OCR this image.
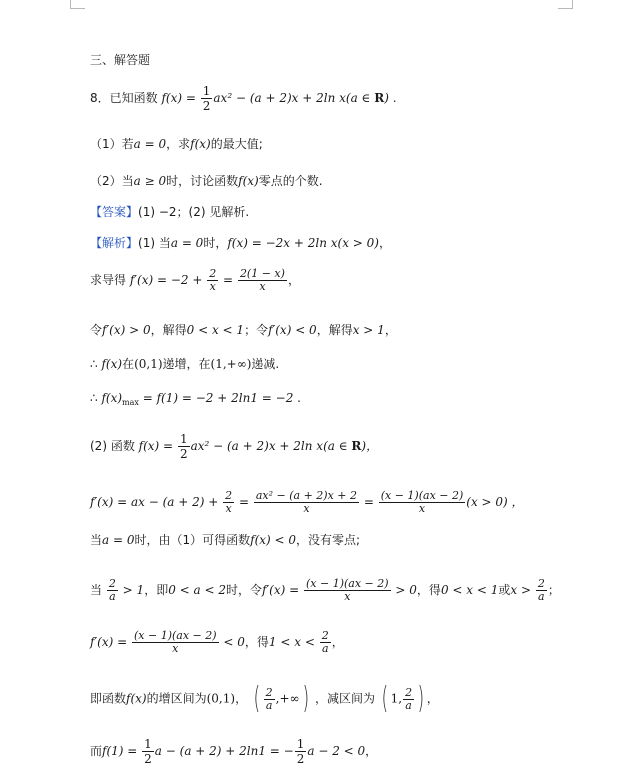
三、解答题
8．已知函数 $f(x) = \frac{1}{2} ax^2 - (a + 2)x + 2\ln$ x(a ∈ R) .
（1）若a = 0，求f(x)的最大值;
（2）当a ≥ 0时，讨论函数f(x)零点的个数.
【答案】(1) −2；(2) 见解析.
【解析】(1) 当a = 0时，f(x) = −2x + 2ln x(x > 0)，
求导得 $f'(x) = -2 + \frac{2}{x} = \frac{2(1 - x)}{x}$ ，
令f′(x) > 0，解得0 < x < 1；令f′(x) < 0，解得x > 1，
∴ f(x)在(0,1)递增，在(1,+∞)递减.
∴ $f(x)_{max} = f(1) = -2 + 2\ln 1 = -2$ .
(2) 函数 $f(x) = \frac{1}{2} ax^2 - (a + 2)x + 2\ln$ x(a ∈ R)，
f′(x) = ax − $(a + 2) + \frac{2}{x} = \frac{\text{ax² − (a + 2)x + 2}}{x} = \frac{(x - 1)(ax - 2)}{x} (x > 0)$ ，
当a = 0时，由（1）可得函数f(x) < 0，没有零点;
当 $\frac{2}{a} > 1$，即0 < a < 2时，令$f'(x) = \frac{(x - 1)(ax - 2)}{x} > 0$，得0 < x < 1或$x > \frac{2}{a}$ ；
$f'(x) = \frac{(x - 1)(ax - 2)}{x} < 0$，得$1 < x < \frac{2}{a}$ ，
即函数f(x)的增区间为(0,1)， ( $\frac{2}{a}$ ,+∞) ，减区间为 ( 1, $\frac{2}{a}$ ) ，
而$f(1) = \frac{1}{2}$ a − (a + 2) + 2ln1 = − $\frac{1}{2}$ a − 2 < 0，
